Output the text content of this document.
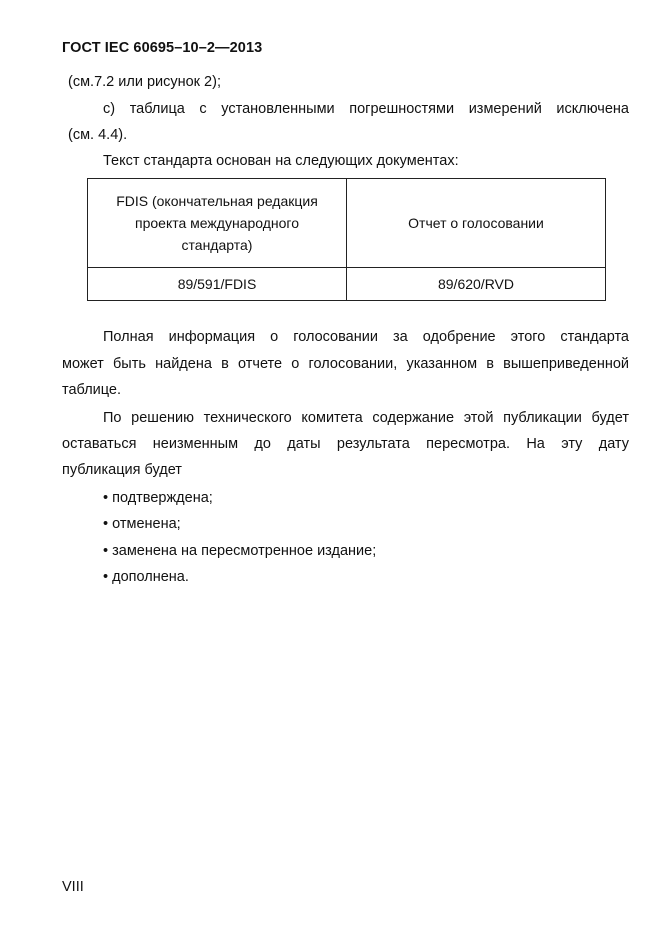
ГОСТ IEC 60695–10–2—2013
(см.7.2 или рисунок 2);
с) таблица с установленными погрешностями измерений исключена
(см. 4.4).
Текст стандарта основан на следующих документах:
FDIS (окончательная редакция
проекта международного
стандарта)	Отчет о голосовании
89/591/FDIS	89/620/RVD
Полная информация о голосовании за одобрение этого стандарта
может быть найдена в отчете о голосовании, указанном в вышеприведенной
таблице.
По решению технического комитета содержание этой публикации будет
оставаться неизменным до даты результата пересмотра. На эту дату
публикация будет
• подтверждена;
• отменена;
• заменена на пересмотренное издание;
• дополнена.
VIII
